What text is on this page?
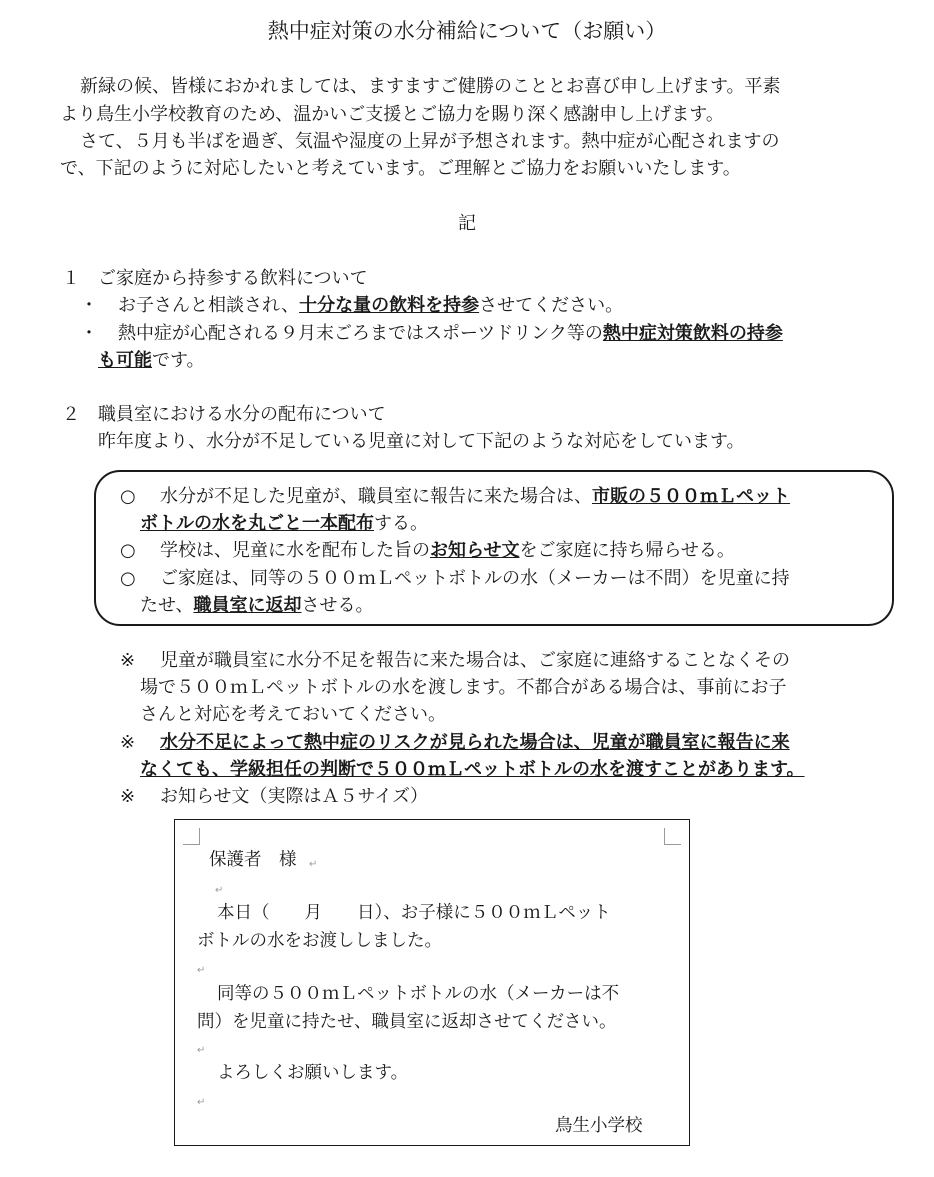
熱中症対策の水分補給について（お願い）
新緑の候、皆様におかれましては、ますますご健勝のこととお喜び申し上げます。平素
より鳥生小学校教育のため、温かいご支援とご協力を賜り深く感謝申し上げます。
さて、５月も半ばを過ぎ、気温や湿度の上昇が予想されます。熱中症が心配されますの
で、下記のように対応したいと考えています。ご理解とご協力をお願いいたします。
記
１　ご家庭から持参する飲料について
・ お子さんと相談され、十分な量の飲料を持参させてください。
・ 熱中症が心配される９月末ごろまではスポーツドリンク等の熱中症対策飲料の持参
も可能です。
２　職員室における水分の配布について
昨年度より、水分が不足している児童に対して下記のような対応をしています。
○ 水分が不足した児童が、職員室に報告に来た場合は、市販の５００ｍＬペット
ボトルの水を丸ごと一本配布する。
○ 学校は、児童に水を配布した旨のお知らせ文をご家庭に持ち帰らせる。
○ ご家庭は、同等の５００ｍＬペットボトルの水（メーカーは不問）を児童に持
たせ、職員室に返却させる。
※ 児童が職員室に水分不足を報告に来た場合は、ご家庭に連絡することなくその
場で５００ｍＬペットボトルの水を渡します。不都合がある場合は、事前にお子
さんと対応を考えておいてください。
※ 水分不足によって熱中症のリスクが見られた場合は、児童が職員室に報告に来
なくても、学級担任の判断で５００ｍＬペットボトルの水を渡すことがあります。
※ お知らせ文（実際はＡ５サイズ）
保護者　様 ↵
↵
本日（　　月　　日）、お子様に５００ｍＬペット
ボトルの水をお渡ししました。
↵
同等の５００ｍＬペットボトルの水（メーカーは不
問）を児童に持たせ、職員室に返却させてください。
↵
よろしくお願いします。
↵
鳥生小学校
